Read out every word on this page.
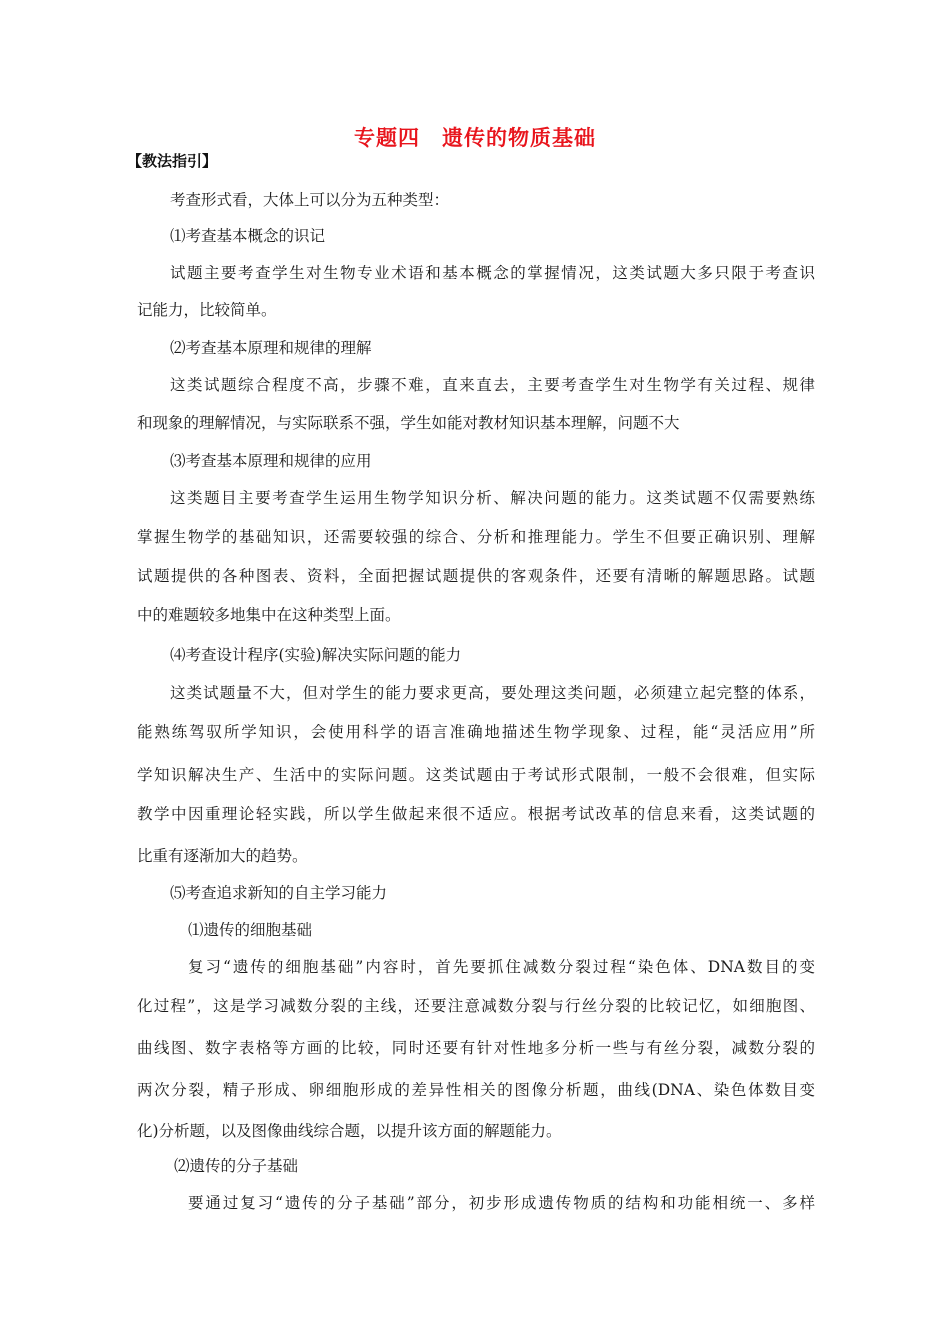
专题四　遗传的物质基础
【教法指引】
考查形式看，大体上可以分为五种类型：
⑴考查基本概念的识记
试题主要考查学生对生物专业术语和基本概念的掌握情况，这类试题大多只限于考查识
记能力，比较简单。
⑵考查基本原理和规律的理解
这类试题综合程度不高，步骤不难，直来直去，主要考查学生对生物学有关过程、规律
和现象的理解情况，与实际联系不强，学生如能对教材知识基本理解，问题不大
⑶考查基本原理和规律的应用
这类题目主要考查学生运用生物学知识分析、解决问题的能力。这类试题不仅需要熟练
掌握生物学的基础知识，还需要较强的综合、分析和推理能力。学生不但要正确识别、理解
试题提供的各种图表、资料，全面把握试题提供的客观条件，还要有清晰的解题思路。试题
中的难题较多地集中在这种类型上面。
⑷考查设计程序(实验)解决实际问题的能力
这类试题量不大，但对学生的能力要求更高，要处理这类问题，必须建立起完整的体系，
能熟练驾驭所学知识，会使用科学的语言准确地描述生物学现象、过程，能“灵活应用”所
学知识解决生产、生活中的实际问题。这类试题由于考试形式限制，一般不会很难，但实际
教学中因重理论轻实践，所以学生做起来很不适应。根据考试改革的信息来看，这类试题的
比重有逐渐加大的趋势。
⑸考查追求新知的自主学习能力
⑴遗传的细胞基础
复习“遗传的细胞基础”内容时，首先要抓住减数分裂过程“染色体、DNA数目的变
化过程”，这是学习减数分裂的主线，还要注意减数分裂与行丝分裂的比较记忆，如细胞图、
曲线图、数字表格等方画的比较，同时还要有针对性地多分析一些与有丝分裂，减数分裂的
两次分裂，精子形成、卵细胞形成的差异性相关的图像分析题，曲线(DNA、染色体数目变
化)分析题，以及图像曲线综合题，以提升该方面的解题能力。
⑵遗传的分子基础
要通过复习“遗传的分子基础”部分，初步形成遗传物质的结构和功能相统一、多样
